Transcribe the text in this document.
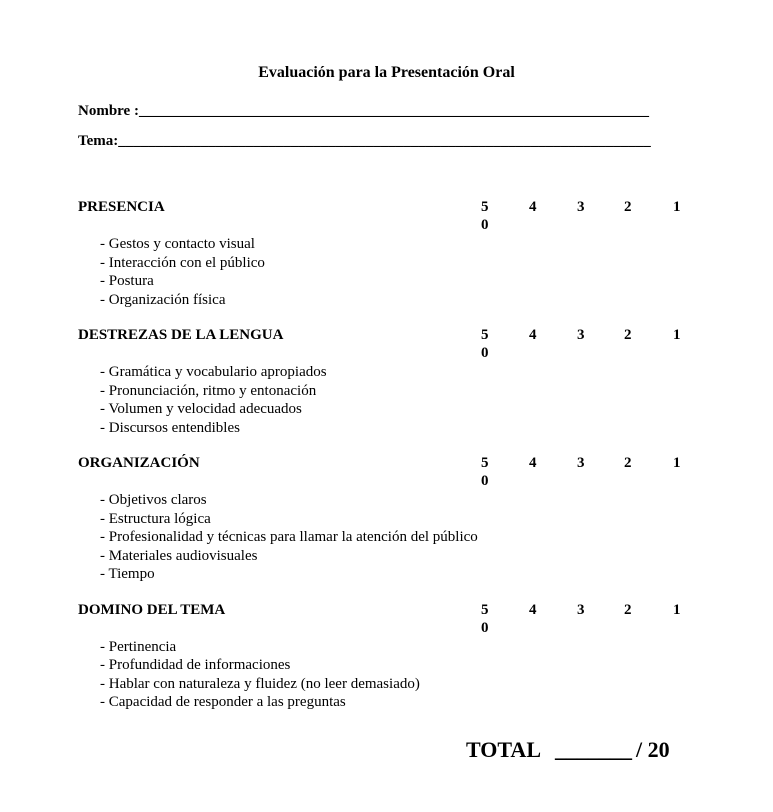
Evaluación para la Presentación Oral
Nombre :____________________________________________________________________
Tema:_______________________________________________________________________
PRESENCIA	5	4	3	2	1
0
- Gestos y contacto visual
- Interacción con el público
- Postura
- Organización física
DESTREZAS DE LA LENGUA	5	4	3	2	1
0
- Gramática y vocabulario apropiados
- Pronunciación, ritmo y entonación
- Volumen y velocidad adecuados
- Discursos entendibles
ORGANIZACIÓN	5	4	3	2	1
0
- Objetivos claros
- Estructura lógica
- Profesionalidad y técnicas para llamar la atención del público
- Materiales audiovisuales
- Tiempo
DOMINO DEL TEMA	5	4	3	2	1
0
- Pertinencia
- Profundidad de informaciones
- Hablar con naturaleza y fluidez (no leer demasiado)
- Capacidad de responder a las preguntas
TOTAL _______ / 20
